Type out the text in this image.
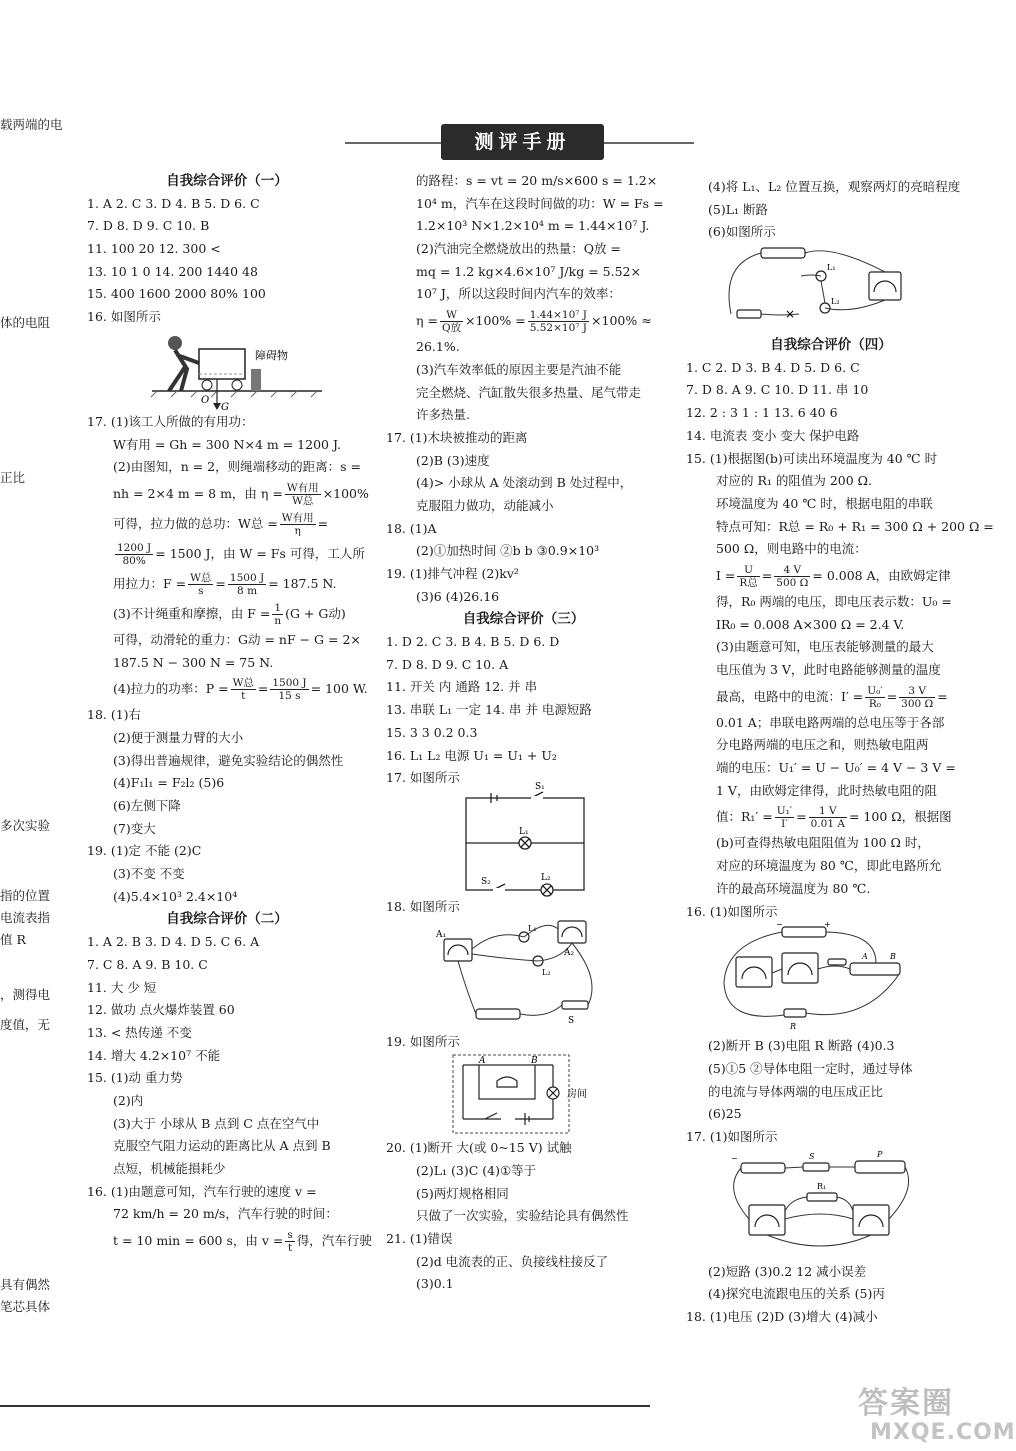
载两端的电
体的电阻
正比
多次实验
指的位置
电流表指
值 R
，测得电
度值，无
具有偶然
笔芯具体
测评手册
自我综合评价（一）
1. A 2. C 3. D 4. B 5. D 6. C
7. D 8. D 9. C 10. B
11. 100 20 12. 300 <
13. 10 1 0 14. 200 1440 48
15. 400 1600 2000 80% 100
16. 如图所示
G
O
障碍物
17. (1)该工人所做的有用功：
W有用 = Gh = 300 N×4 m = 1200 J.
(2)由图知，n = 2，则绳端移动的距离：s =
nh = 2×4 m = 8 m，由 $\eta = \frac{\text{W有用}}{\text{W总}} \times 100\%$
可得，拉力做的总功：W总 = $\frac{\text{W有用}}{\eta}$ =
$\frac{1200 J}{80\%} = 1500$ J，由 W = Fs 可得，工人所
用拉力：$F = \frac{\text{W总}}{s} = \frac{1500 J}{8 m} = 187.5$ N.
(3)不计绳重和摩擦，由 $F = \frac{1}{n} (G + G$动)
可得，动滑轮的重力：G动 = nF − G = 2×
187.5 N − 300 N = 75 N.
(4)拉力的功率：$P = \frac{\text{W总}}{t} = \frac{1500 J}{15 s} = 100$ W.
18. (1)右
(2)便于测量力臂的大小
(3)得出普遍规律，避免实验结论的偶然性
(4)F₁l₁ = F₂l₂ (5)6
(6)左侧下降
(7)变大
19. (1)定 不能 (2)C
(3)不变 不变
(4)5.4×10³ 2.4×10⁴
自我综合评价（二）
1. A 2. B 3. D 4. D 5. C 6. A
7. C 8. A 9. B 10. C
11. 大 少 短
12. 做功 点火爆炸装置 60
13. < 热传递 不变
14. 增大 4.2×10⁷ 不能
15. (1)动 重力势
(2)内
(3)大于 小球从 B 点到 C 点在空气中
克服空气阻力运动的距离比从 A 点到 B
点短，机械能損耗少
16. (1)由题意可知，汽车行驶的速度 v =
72 km/h = 20 m/s，汽车行驶的时间：
t = 10 min = 600 s，由 $v = \frac{s}{t}$ 得，汽车行驶
的路程：s = vt = 20 m/s×600 s = 1.2×
10⁴ m，汽车在这段时间做的功：W = Fs =
1.2×10³ N×1.2×10⁴ m = 1.44×10⁷ J.
(2)汽油完全燃烧放出的热量：Q放 =
mq = 1.2 kg×4.6×10⁷ J/kg = 5.52×
10⁷ J，所以这段时间内汽车的效率：
$\eta = \frac{W}{\text{Q放}} \times 100\% = \frac{\text{1.44×10⁷ J}}{\text{5.52×10⁷ J}} \times 100\%$ ≈
26.1%.
(3)汽车效率低的原因主要是汽油不能
完全燃烧、汽缸散失很多热量、尾气带走
许多热量.
17. (1)木块被推动的距离
(2)B (3)速度
(4)> 小球从 A 处滚动到 B 处过程中，
克服阻力做功，动能减小
18. (1)A
(2)①加热时间 ②b b ③0.9×10³
19. (1)排气冲程 (2)kv²
(3)6 (4)26.16
自我综合评价（三）
1. D 2. C 3. B 4. B 5. D 6. D
7. D 8. D 9. C 10. A
11. 开关 内 通路 12. 并 串
13. 串联 L₁ 一定 14. 串 并 电源短路
15. 3 3 0.2 0.3
16. L₁ L₂ 电源 U₁ = U₁ + U₂
17. 如图所示
S₁
L₁
S₂	L₂
18. 如图所示
A₁
A₂
S
L₁
L₂
19. 如图所示
A	B
房间
20. (1)断开 大(或 0~15 V) 试触
(2)L₁ (3)C (4)①等于
(5)两灯规格相同
只做了一次实验，实验结论具有偶然性
21. (1)错误
(2)d 电流表的正、负接线柱接反了
(3)0.1
(4)将 L₁、L₂ 位置互换，观察两灯的亮暗程度
(5)L₁ 断路
(6)如图所示
×
L₁
L₂
自我综合评价（四）
1. C 2. D 3. B 4. D 5. D 6. C
7. D 8. A 9. C 10. D 11. 串 10
12. 2 : 3 1 : 1 13. 6 40 6
14. 电流表 变小 变大 保护电路
15. (1)根据图(b)可读出环境温度为 40 ℃ 时
对应的 R₁ 的阻值为 200 Ω.
环境温度为 40 ℃ 时，根据电阻的串联
特点可知：R总 = R₀ + R₁ = 300 Ω + 200 Ω =
500 Ω，则电路中的电流：
$I = \frac{U}{\text{R总}} = \frac{4 V}{500 \Omega} = 0.008$ A，由欧姆定律
得，R₀ 两端的电压，即电压表示数：U₀ =
IR₀ = 0.008 A×300 Ω = 2.4 V.
(3)由题意可知，电压表能够测量的最大
电压值为 3 V，此时电路能够测量的温度
最高，电路中的电流：$I' = \frac{\text{U₀′}}{\text{R₀}} = \frac{3 V}{300 \Omega}$ =
0.01 A；串联电路两端的总电压等于各部
分电路两端的电压之和，则热敏电阻两
端的电压：U₁′ = U − U₀′ = 4 V − 3 V =
1 V，由欧姆定律得，此时热敏电阻的阻
值：$R_1' = \frac{\text{U₁′}}{I'} = \frac{1 V}{0.01 A} = 100$ Ω，根据图
(b)可查得热敏电阻阻值为 100 Ω 时，
对应的环境温度为 80 ℃，即此电路所允
许的最高环境温度为 80 ℃.
16. (1)如图所示
−	+
A	B
R
(2)断开 B (3)电阻 R 断路 (4)0.3
(5)①5 ②导体电阻一定时，通过导体
的电流与导体两端的电压成正比
(6)25
17. (1)如图所示
−	S	P
R₁
(2)短路 (3)0.2 12 减小误差
(4)探究电流跟电压的关系 (5)丙
18. (1)电压 (2)D (3)增大 (4)减小
答案圈
MXQE.COM
